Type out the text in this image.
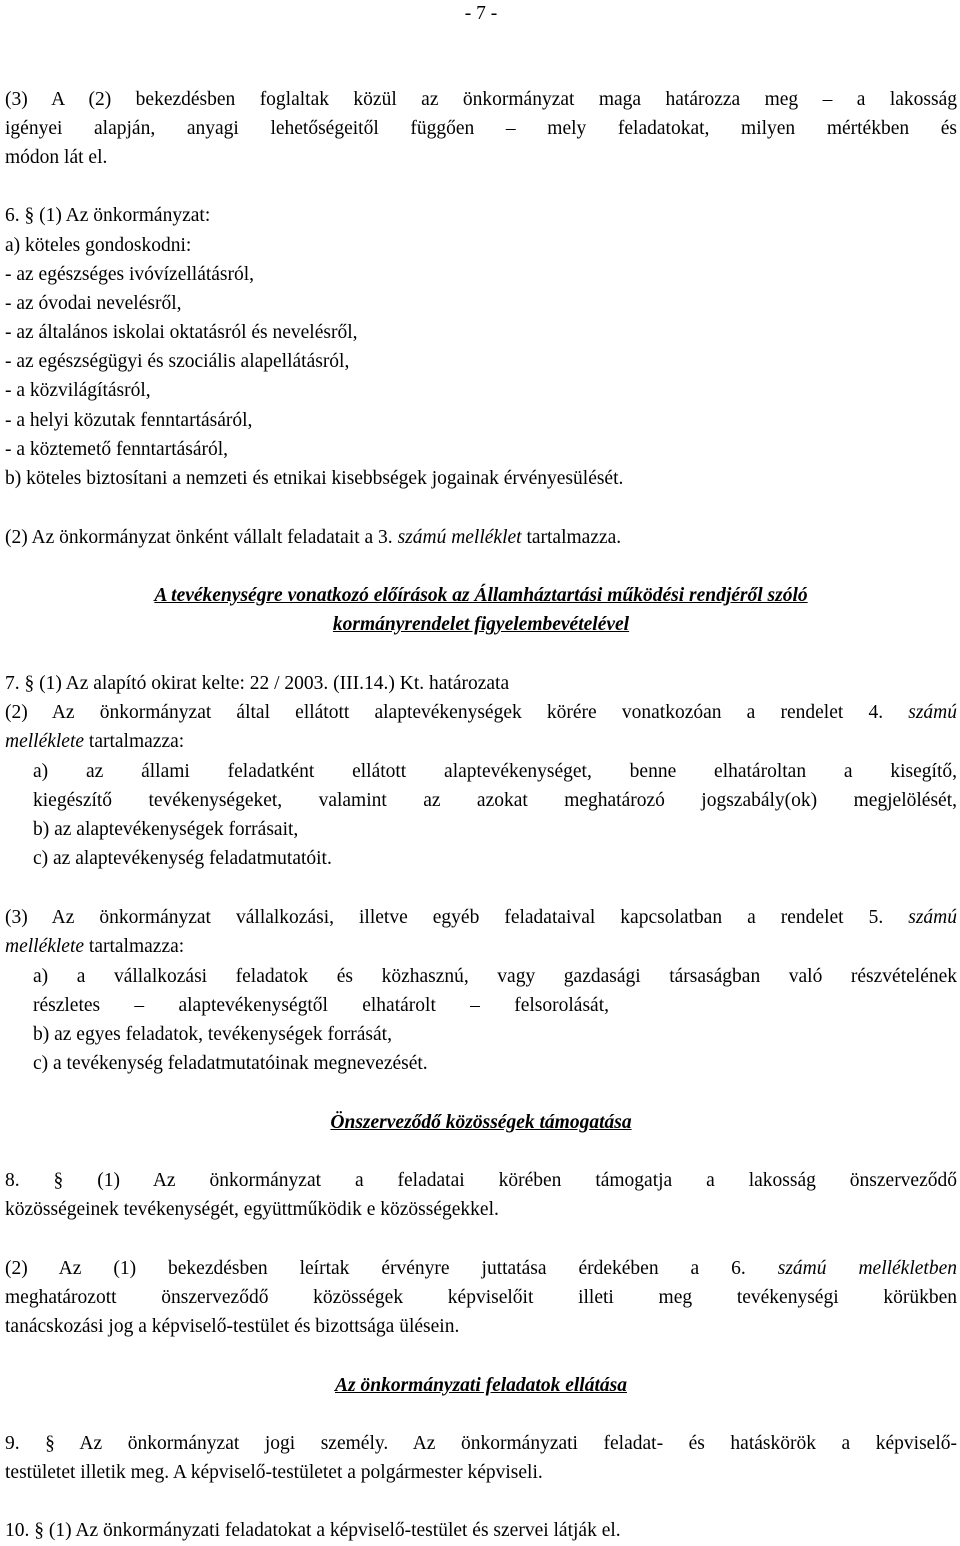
- 7 -
(3) A (2) bekezdésben foglaltak közül az önkormányzat maga határozza meg – a lakosság
igényei alapján, anyagi lehetőségeitől függően – mely feladatokat, milyen mértékben és
módon lát el.
6. § (1) Az önkormányzat:
a) köteles gondoskodni:
- az egészséges ivóvízellátásról,
- az óvodai nevelésről,
- az általános iskolai oktatásról és nevelésről,
- az egészségügyi és szociális alapellátásról,
- a közvilágításról,
- a helyi közutak fenntartásáról,
- a köztemető fenntartásáról,
b) köteles biztosítani a nemzeti és etnikai kisebbségek jogainak érvényesülését.
(2) Az önkormányzat önként vállalt feladatait a 3. számú melléklet tartalmazza.
A tevékenységre vonatkozó előírások az Államháztartási működési rendjéről szóló
kormányrendelet figyelembevételével
7. § (1) Az alapító okirat kelte: 22 / 2003. (III.14.) Kt. határozata
(2) Az önkormányzat által ellátott alaptevékenységek körére vonatkozóan a rendelet 4. számú
melléklete tartalmazza:
a) az állami feladatként ellátott alaptevékenységet, benne elhatároltan a kisegítő,
kiegészítő tevékenységeket, valamint az azokat meghatározó jogszabály(ok) megjelölését,
b) az alaptevékenységek forrásait,
c) az alaptevékenység feladatmutatóit.
(3) Az önkormányzat vállalkozási, illetve egyéb feladataival kapcsolatban a rendelet 5. számú
melléklete tartalmazza:
a) a vállalkozási feladatok és közhasznú, vagy gazdasági társaságban való részvételének
részletes – alaptevékenységtől elhatárolt – felsorolását,
b) az egyes feladatok, tevékenységek forrását,
c) a tevékenység feladatmutatóinak megnevezését.
Önszerveződő közösségek támogatása
8. § (1) Az önkormányzat a feladatai körében támogatja a lakosság önszerveződő
közösségeinek tevékenységét, együttműködik e közösségekkel.
(2) Az (1) bekezdésben leírtak érvényre juttatása érdekében a 6. számú mellékletben
meghatározott önszerveződő közösségek képviselőit illeti meg tevékenységi körükben
tanácskozási jog a képviselő-testület és bizottsága ülésein.
Az önkormányzati feladatok ellátása
9. § Az önkormányzat jogi személy. Az önkormányzati feladat- és hatáskörök a képviselő-
testületet illetik meg. A képviselő-testületet a polgármester képviseli.
10. § (1) Az önkormányzati feladatokat a képviselő-testület és szervei látják el.
